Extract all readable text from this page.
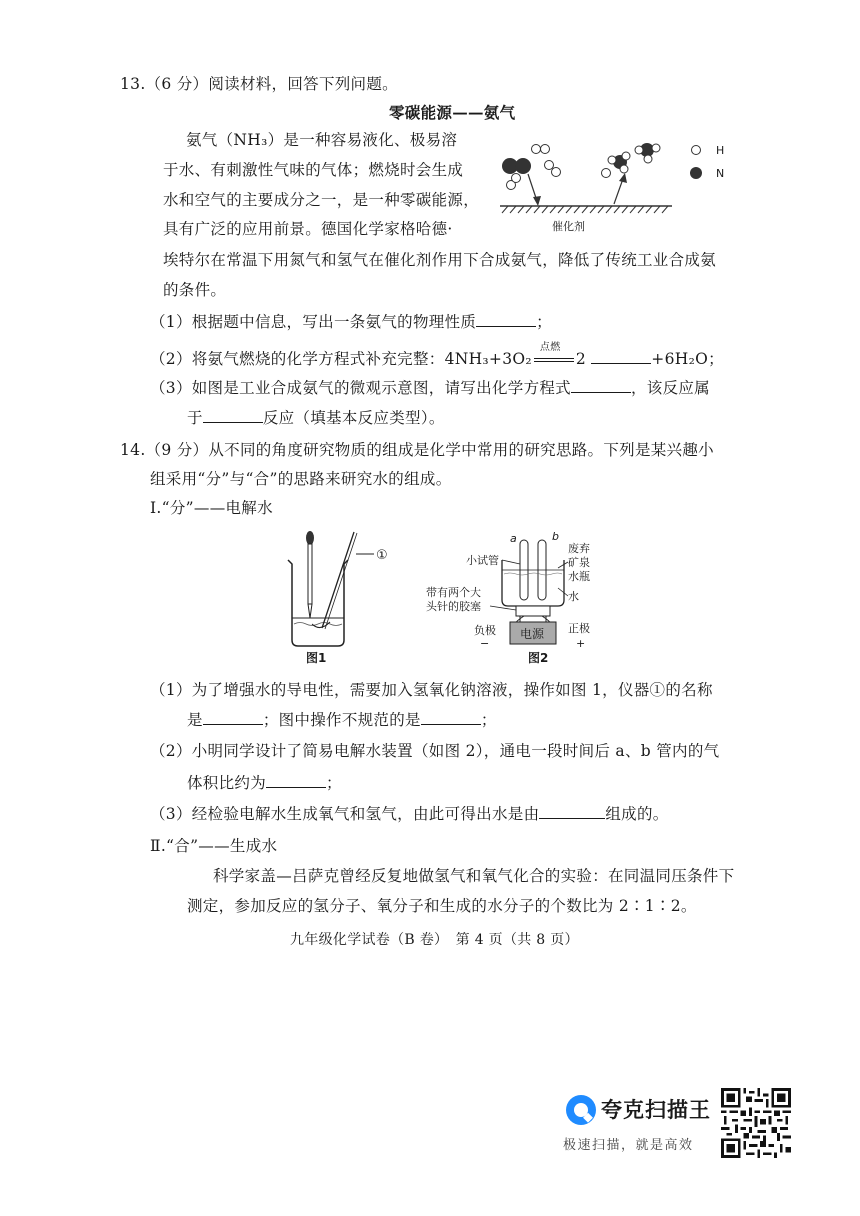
13.（6 分）阅读材料，回答下列问题。
零碳能源——氨气
氨气（NH₃）是一种容易液化、极易溶
于水、有刺激性气味的气体；燃烧时会生成
水和空气的主要成分之一，是一种零碳能源，
具有广泛的应用前景。德国化学家格哈德·
埃特尔在常温下用氮气和氢气在催化剂作用下合成氨气，降低了传统工业合成氨
的条件。
催化剂
H
N
（1）根据题中信息，写出一条氨气的物理性质	；
（2）将氨气燃烧的化学方程式补充完整：4NH₃+3O₂
点燃
2	+6H₂O；
（3）如图是工业合成氨气的微观示意图，请写出化学方程式	，该反应属
于	反应（填基本反应类型）。
14.（9 分）从不同的角度研究物质的组成是化学中常用的研究思路。下列是某兴趣小
组采用“分”与“合”的思路来研究水的组成。
Ⅰ.“分”——电解水
①
图1
a	b
电源
小试管
带有两个大
头针的胶塞
负极
−
废弃
矿泉
水瓶
水
正极
+
图2
（1）为了增强水的导电性，需要加入氢氧化钠溶液，操作如图 1，仪器①的名称
是	；图中操作不规范的是	；
（2）小明同学设计了简易电解水装置（如图 2），通电一段时间后 a、b 管内的气
体积比约为	；
（3）经检验电解水生成氧气和氢气，由此可得出水是由	组成的。
Ⅱ.“合”——生成水
科学家盖—吕萨克曾经反复地做氢气和氧气化合的实验：在同温同压条件下
测定，参加反应的氢分子、氧分子和生成的水分子的个数比为 2∶1∶2。
九年级化学试卷（B 卷）　第 4 页（共 8 页）
夸克扫描王
极速扫描，就是高效
